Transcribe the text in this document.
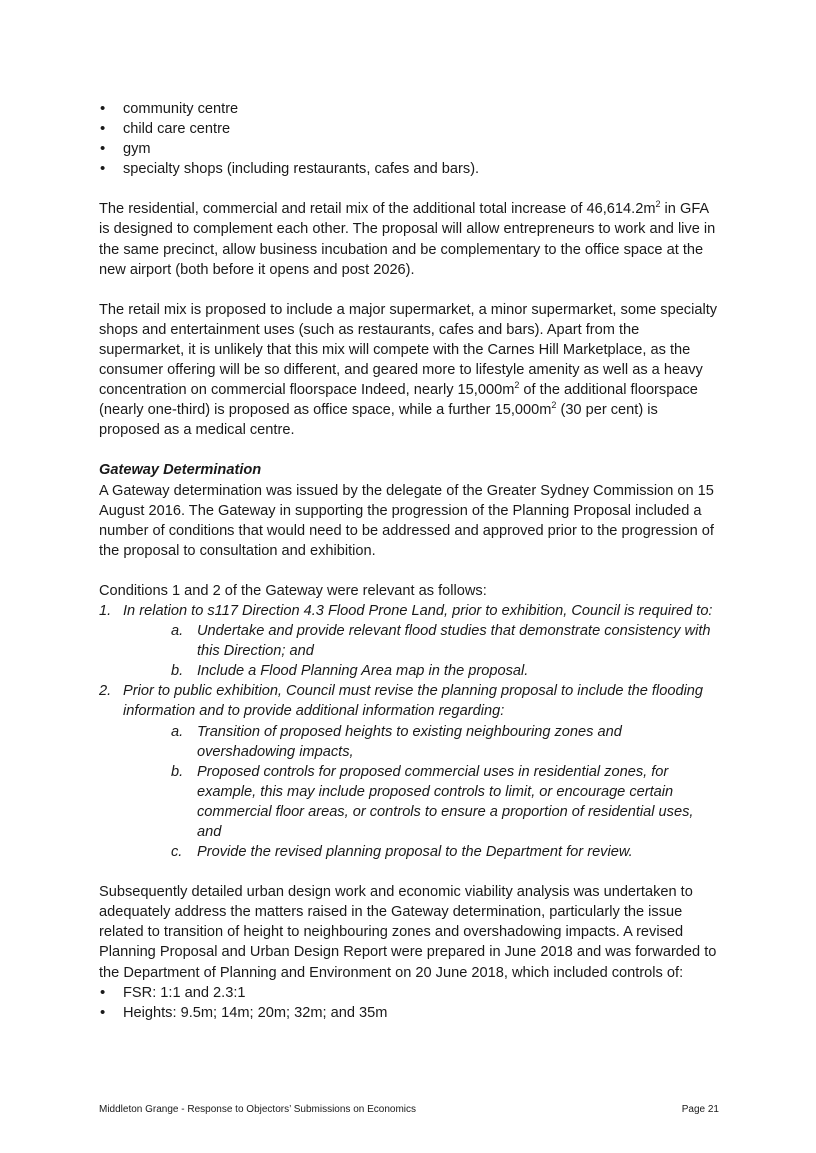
• community centre
• child care centre
• gym
• specialty shops (including restaurants, cafes and bars).

The residential, commercial and retail mix of the additional total increase of $46,614.2m^2$ in GFA is designed to complement each other. The proposal will allow entrepreneurs to work and live in the same precinct, allow business incubation and be complementary to the office space at the new airport (both before it opens and post 2026).

The retail mix is proposed to include a major supermarket, a minor supermarket, some specialty shops and entertainment uses (such as restaurants, cafes and bars). Apart from the supermarket, it is unlikely that this mix will compete with the Carnes Hill Marketplace, as the consumer offering will be so different, and geared more to lifestyle amenity as well as a heavy concentration on commercial floorspace Indeed, nearly $15,000m^2$ of the additional floorspace (nearly one-third) is proposed as office space, while a further $15,000m^2$ (30 per cent) is proposed as a medical centre.

Gateway Determination

A Gateway determination was issued by the delegate of the Greater Sydney Commission on 15 August 2016. The Gateway in supporting the progression of the Planning Proposal included a number of conditions that would need to be addressed and approved prior to the progression of the proposal to consultation and exhibition.

Conditions 1 and 2 of the Gateway were relevant as follows:

1. In relation to s117 Direction 4.3 Flood Prone Land, prior to exhibition, Council is required to:
a. Undertake and provide relevant flood studies that demonstrate consistency with this Direction; and
b. Include a Flood Planning Area map in the proposal.
2. Prior to public exhibition, Council must revise the planning proposal to include the flooding information and to provide additional information regarding:
a. Transition of proposed heights to existing neighbouring zones and overshadowing impacts,
b. Proposed controls for proposed commercial uses in residential zones, for example, this may include proposed controls to limit, or encourage certain commercial floor areas, or controls to ensure a proportion of residential uses, and
c. Provide the revised planning proposal to the Department for review.

Subsequently detailed urban design work and economic viability analysis was undertaken to adequately address the matters raised in the Gateway determination, particularly the issue related to transition of height to neighbouring zones and overshadowing impacts. A revised Planning Proposal and Urban Design Report were prepared in June 2018 and was forwarded to the Department of Planning and Environment on 20 June 2018, which included controls of:

• FSR: 1:1 and 2.3:1
• Heights: 9.5m; 14m; 20m; 32m; and 35m
Middleton Grange - Response to Objectors’ Submissions on Economics	Page 21
